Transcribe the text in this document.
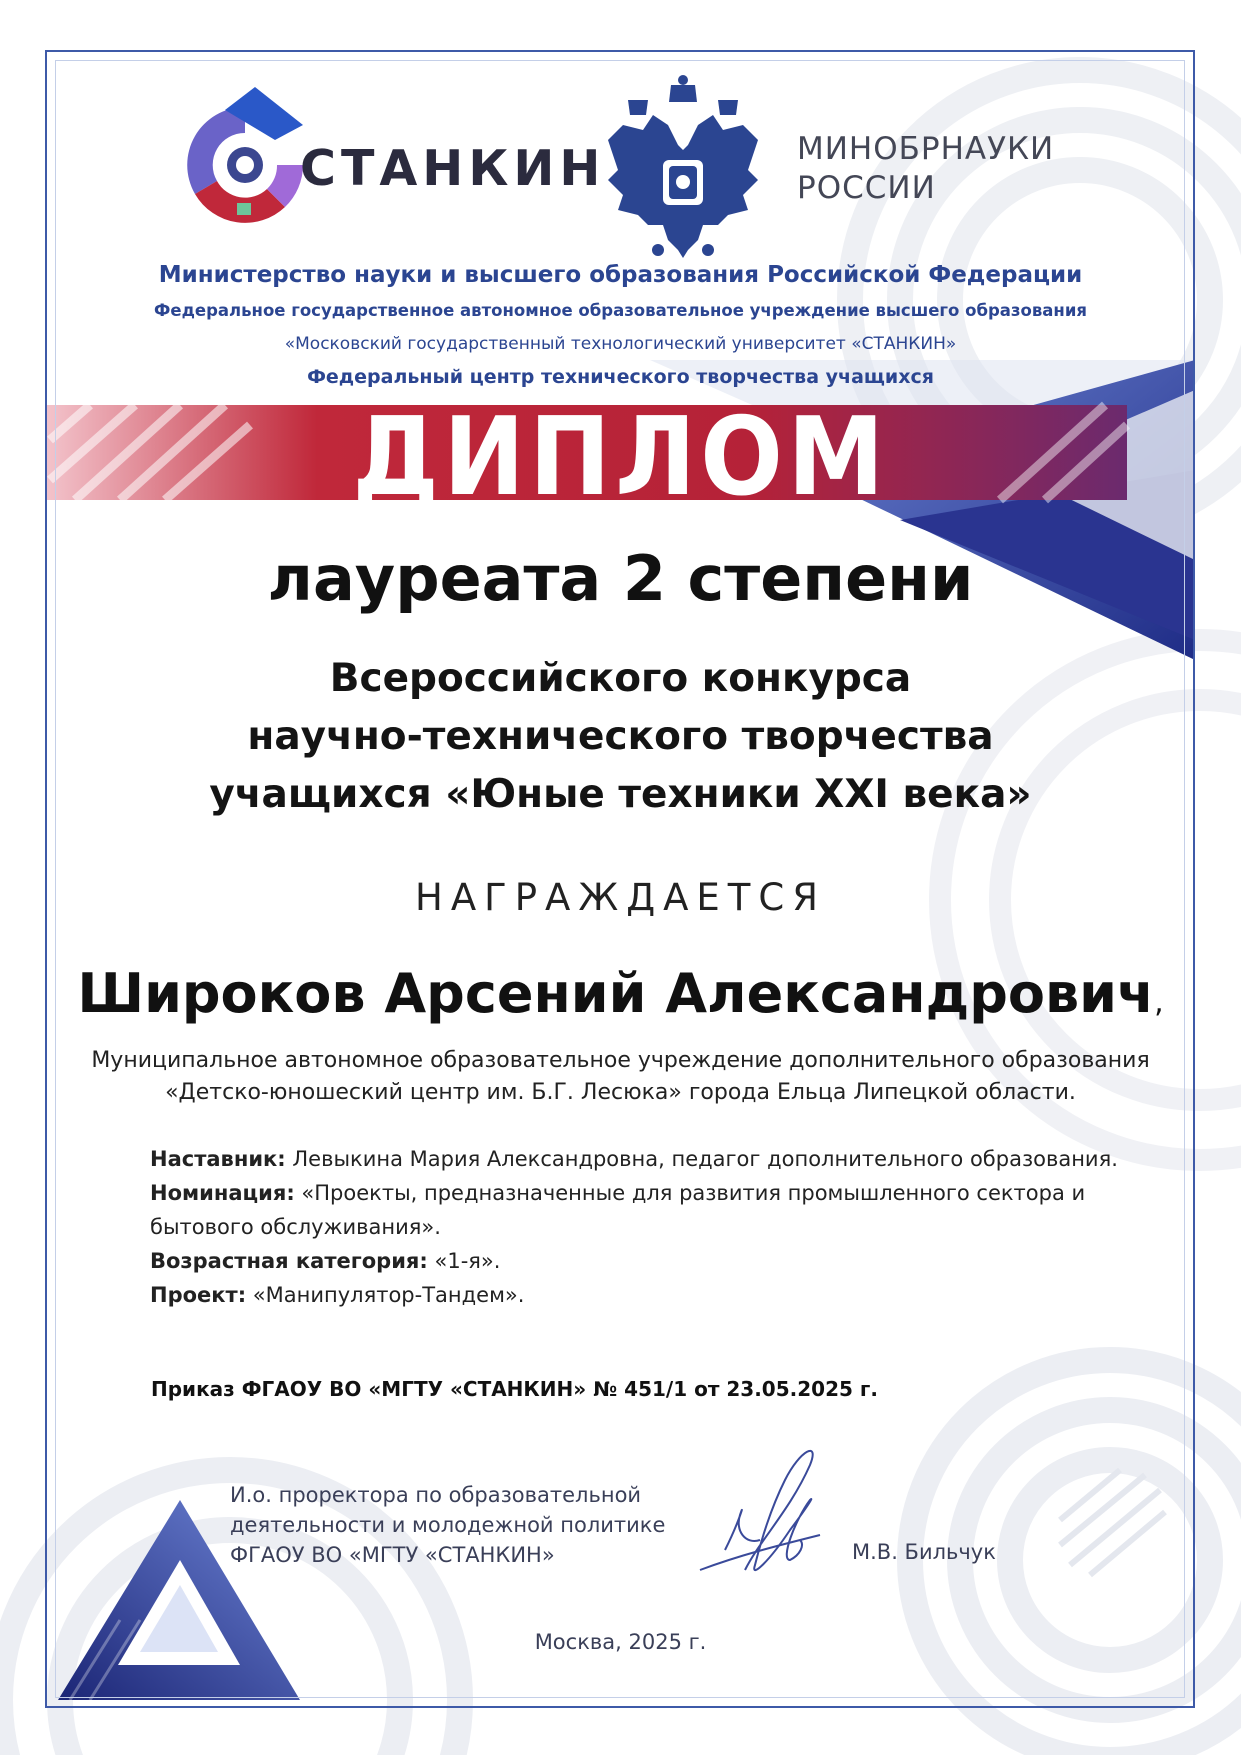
СТАНКИН	МИНОБРНАУКИ
РОССИИ
Министерство науки и высшего образования Российской Федерации
Федеральное государственное автономное образовательное учреждение высшего образования
«Московский государственный технологический университет «СТАНКИН»
Федеральный центр технического творчества учащихся
ДИПЛОМ
лауреата 2 степени
Всероссийского конкурса
научно-технического творчества
учащихся «Юные техники XXI века»
НАГРАЖДАЕТСЯ
Широков Арсений Александрович,
Муниципальное автономное образовательное учреждение дополнительного образования
«Детско-юношеский центр им. Б.Г. Лесюка» города Ельца Липецкой области.

Наставник: Левыкина Мария Александровна, педагог дополнительного образования.

Номинация: «Проекты, предназначенные для развития промышленного сектора и бытового обслуживания».

Возрастная категория: «1-я».

Проект: «Манипулятор-Тандем».

Приказ ФГАОУ ВО «МГТУ «СТАНКИН» № 451/1 от 23.05.2025 г.
И.о. проректора по образовательной
деятельности и молодежной политике
ФГАОУ ВО «МГТУ «СТАНКИН»	М.В. Бильчук
Москва, 2025 г.
